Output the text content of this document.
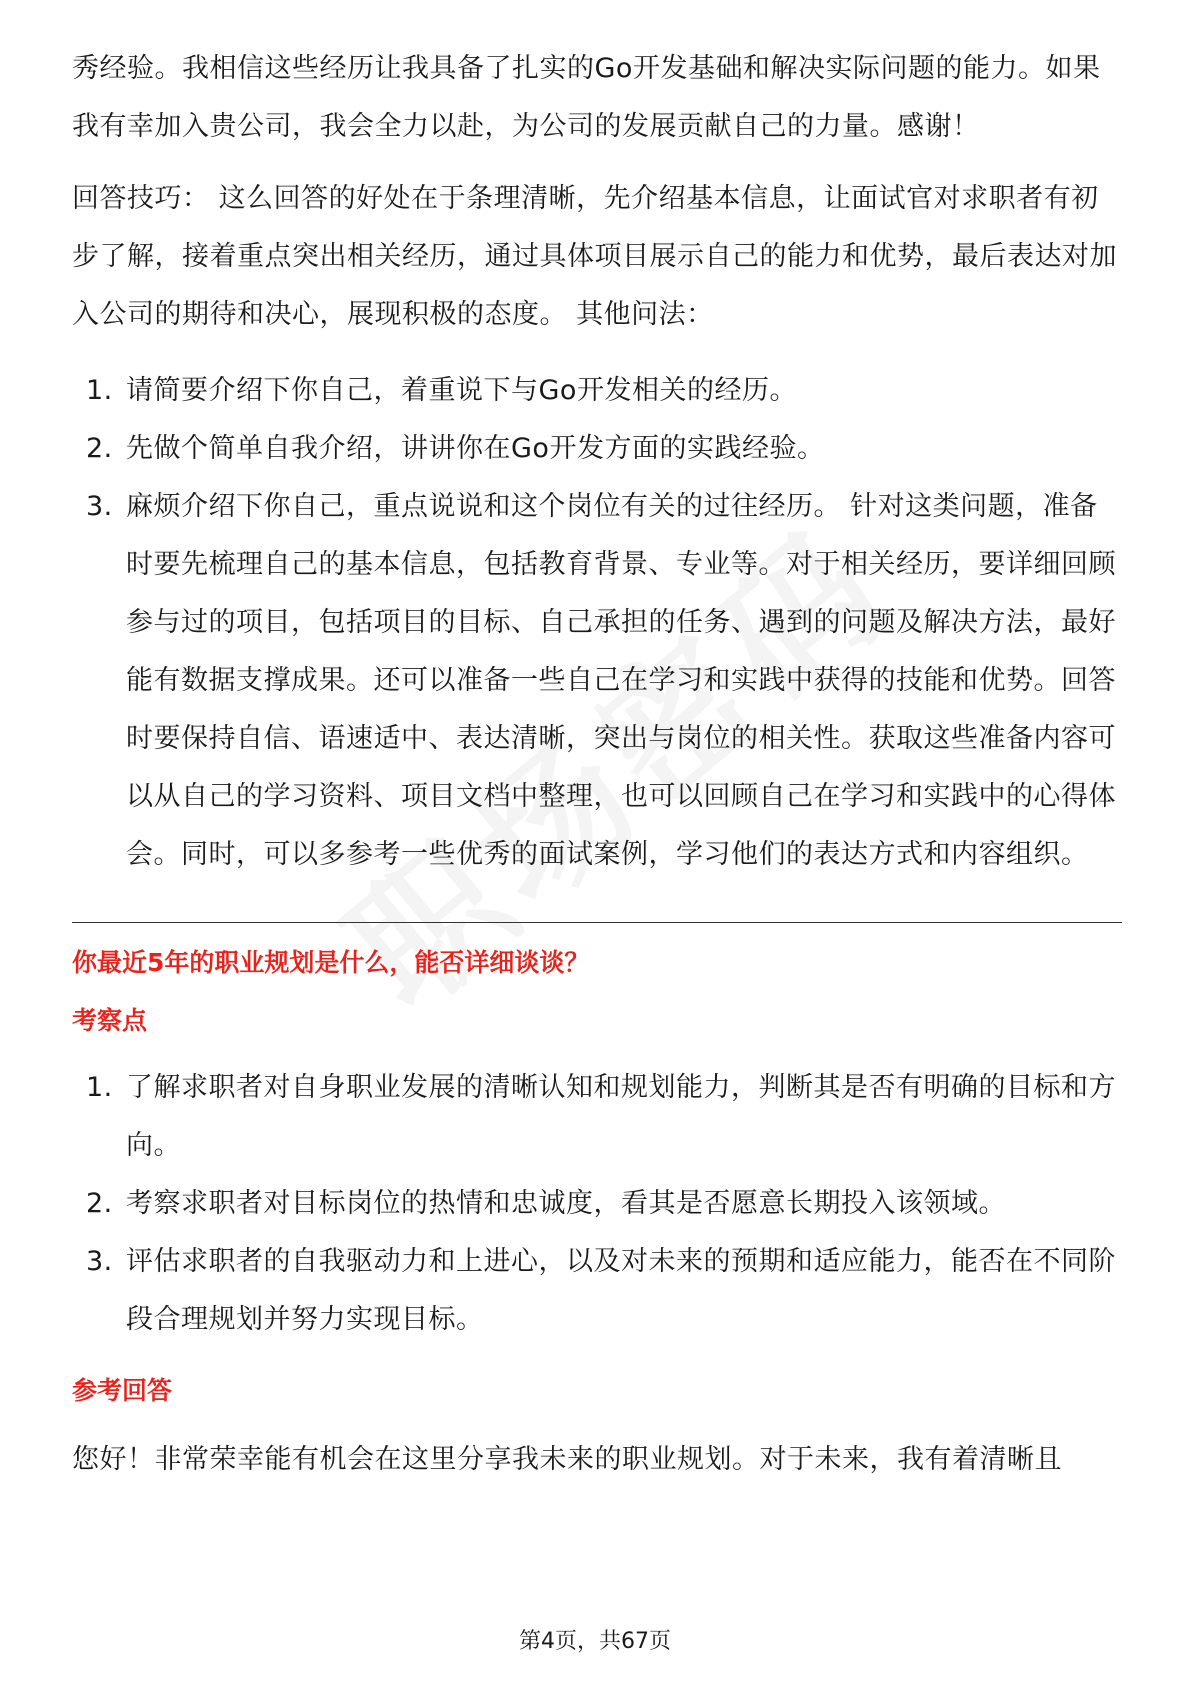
秀经验。我相信这些经历让我具备了扎实的Go开发基础和解决实际问题的能力。如果我有幸加入贵公司，我会全力以赴，为公司的发展贡献自己的力量。感谢！

回答技巧： 这么回答的好处在于条理清晰，先介绍基本信息，让面试官对求职者有初步了解，接着重点突出相关经历，通过具体项目展示自己的能力和优势，最后表达对加入公司的期待和决心，展现积极的态度。 其他问法：

1. 请简要介绍下你自己，着重说下与Go开发相关的经历。
2. 先做个简单自我介绍，讲讲你在Go开发方面的实践经验。
3. 麻烦介绍下你自己，重点说说和这个岗位有关的过往经历。 针对这类问题，准备时要先梳理自己的基本信息，包括教育背景、专业等。对于相关经历，要详细回顾参与过的项目，包括项目的目标、自己承担的任务、遇到的问题及解决方法，最好能有数据支撑成果。还可以准备一些自己在学习和实践中获得的技能和优势。回答时要保持自信、语速适中、表达清晰，突出与岗位的相关性。获取这些准备内容可以从自己的学习资料、项目文档中整理，也可以回顾自己在学习和实践中的心得体会。同时，可以多参考一些优秀的面试案例，学习他们的表达方式和内容组织。
你最近5年的职业规划是什么，能否详细谈谈？
考察点
1. 了解求职者对自身职业发展的清晰认知和规划能力，判断其是否有明确的目标和方向。
2. 考察求职者对目标岗位的热情和忠诚度，看其是否愿意长期投入该领域。
3. 评估求职者的自我驱动力和上进心，以及对未来的预期和适应能力，能否在不同阶段合理规划并努力实现目标。
参考回答

您好！非常荣幸能有机会在这里分享我未来的职业规划。对于未来，我有着清晰且

第4页，共67页
